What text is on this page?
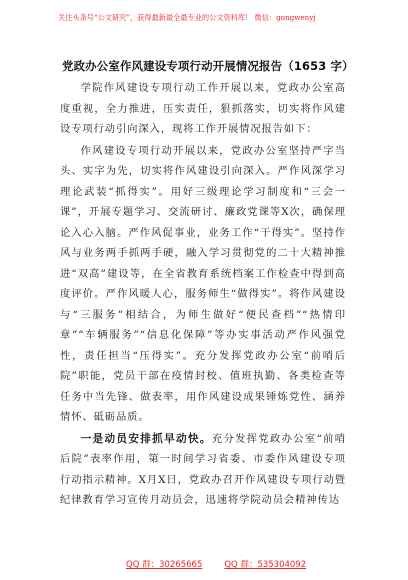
关注头条号“公文研究”，获得最新最全最专业的公文资料库！ 微信：gongwenyj
党政办公室作风建设专项行动开展情况报告（1653 字）

学院作风建设专项行动工作开展以来，党政办公室高度重视，全力推进，压实责任，狠抓落实，切实将作风建设专项行动引向深入，现将工作开展情况报告如下：

作风建设专项行动开展以来，党政办公室坚持严字当头、实字为先，切实将作风建设引向深入。严作风深学习理论武装“抓得实”。用好三级理论学习制度和“三会一课”，开展专题学习、交流研讨、廉政党课等X次，确保理论入心入脑。严作风促事业，业务工作“干得实”。坚持作风与业务两手抓两手硬，融入学习贯彻党的二十大精神推进“双高”建设等，在全省教育系统档案工作检查中得到高度评价。严作风暖人心，服务师生“做得实”。将作风建设与“三服务”相结合，为师生做好“便民查档”“热情印章”“车辆服务”“信息化保障”等办实事活动严作风强党性，责任担当“压得实”。充分发挥党政办公室“前哨后院”职能，党员干部在疫情封校、值班执勤、各类检查等任务中当先锋、做表率，用作风建设成果锤炼党性、涵养情怀、砥砺品质。

一是动员安排抓早动快。充分发挥党政办公室“前哨后院”表率作用，第一时间学习省委、市委作风建设专项行动指示精神。X月X日，党政办召开作风建设专项行动暨纪律教育学习宣传月动员会，迅速将学院动员会精神传达

QQ 群：30265665	QQ 群：535304092
